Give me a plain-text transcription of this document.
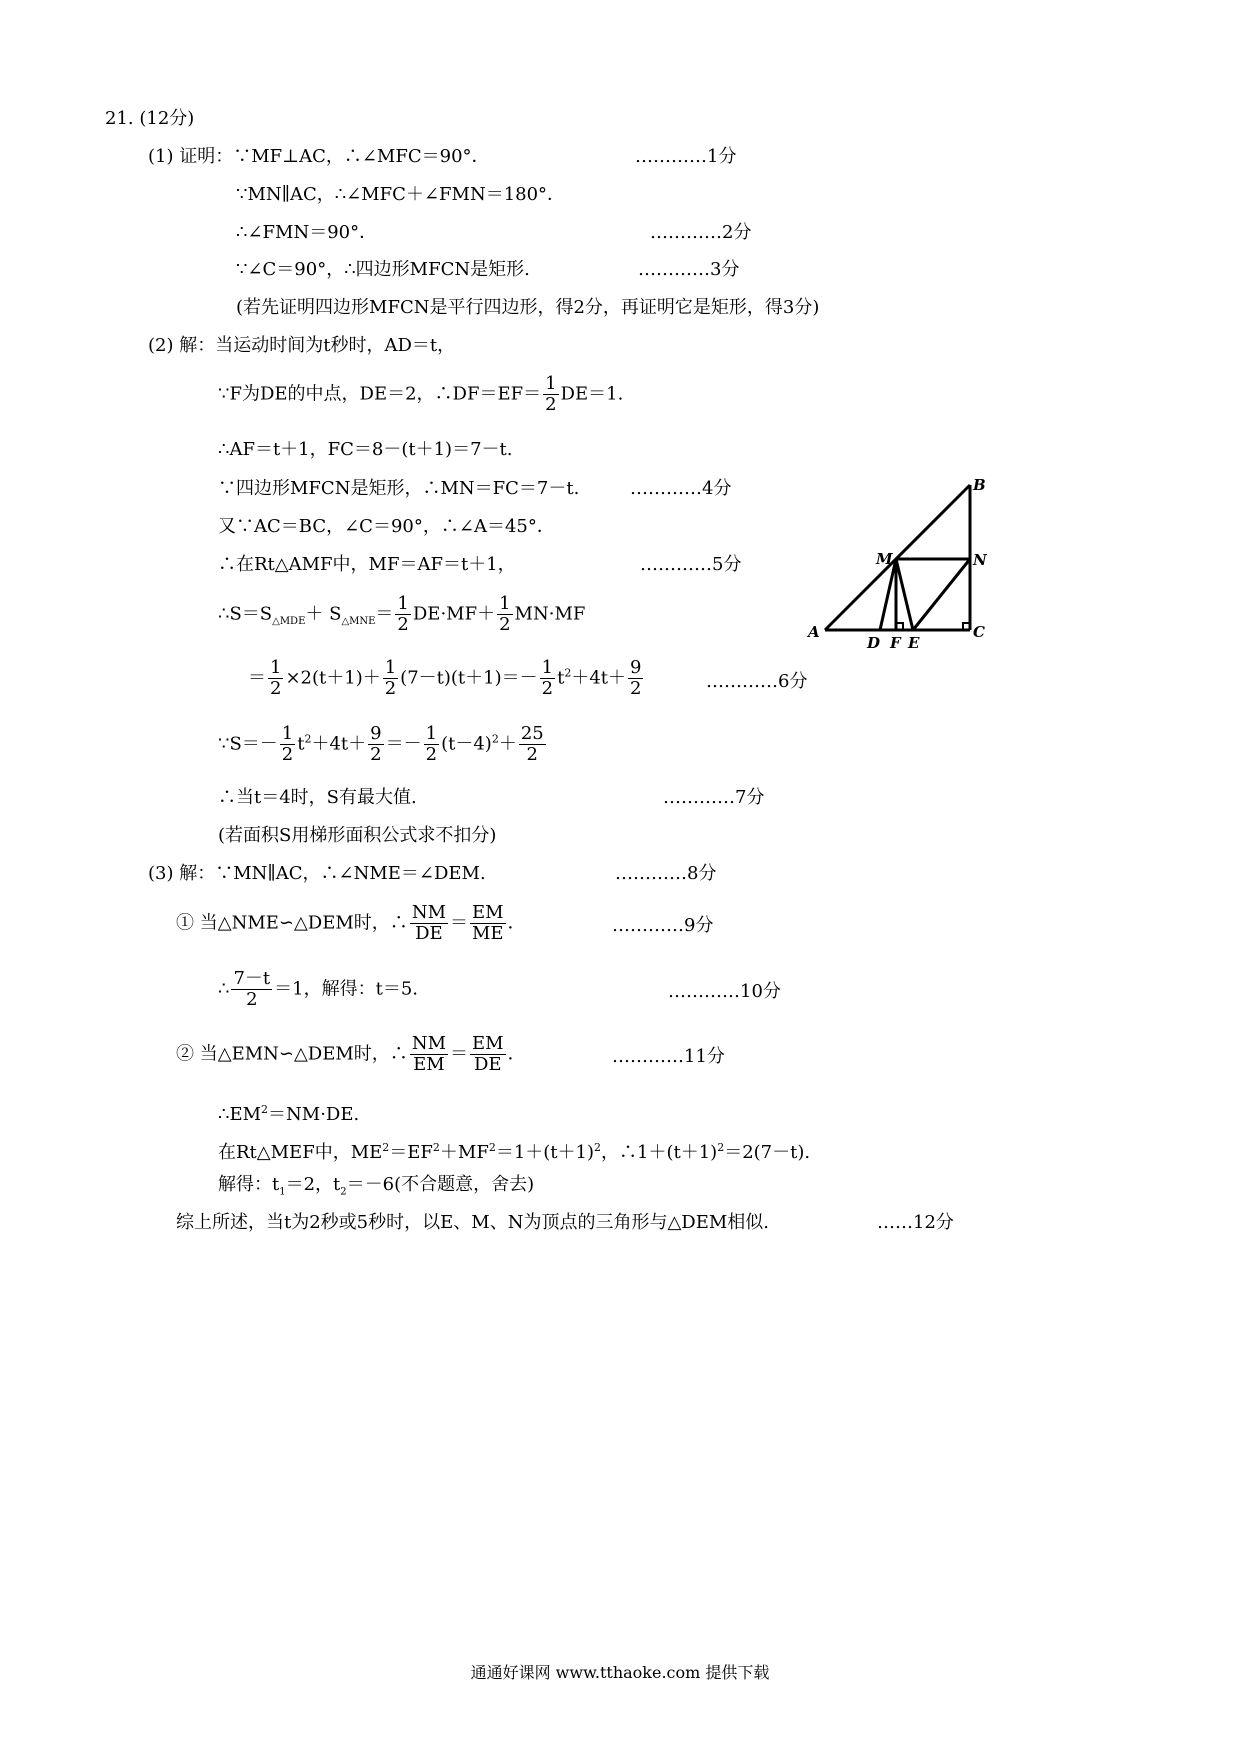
21. (12分)
(1) 证明：∵MF⊥AC，∴∠MFC＝90°．	…………1分
∵MN∥AC，∴∠MFC＋∠FMN＝180°．
∴∠FMN＝90°．	…………2分
∵∠C＝90°，∴四边形MFCN是矩形.	…………3分
(若先证明四边形MFCN是平行四边形，得2分，再证明它是矩形，得3分)
(2) 解：当运动时间为t秒时，AD＝t，
∵F为DE的中点，DE＝2，∴DF＝EF＝ $\frac{1}{2} DE=1$.
∴AF＝t＋1，FC＝8－(t＋1)＝7－t.
∵四边形MFCN是矩形，∴MN＝FC＝7－t.	…………4分
又∵AC＝BC，∠C＝90°，∴∠A＝45°．
∴在Rt△AMF中，MF＝AF＝t＋1，	…………5分
$\therefore S=S_{\triangle MDE}+ S_{\triangle MNE}= \frac{1}{2} DE\cdot MF+ \frac{1}{2} MN\cdot MF$
＝ $\frac{1}{2} \times 2(t+1)+ \frac{1}{2} (7-t)(t+1)=- \frac{1}{2} t^2+4t+ \frac{9}{2}$	…………6分
∵S＝－ $\frac{1}{2} t^2+4t+ \frac{9}{2} =- \frac{1}{2} (t-4)^2+ \frac{25}{2}$
∴当t＝4时，S有最大值.	…………7分
(若面积S用梯形面积公式求不扣分)
A
B
C
D F E
M	N
(3) 解：∵MN∥AC，∴∠NME＝∠DEM.	…………8分
① 当△NME∽△DEM时，∴ $\frac{NM}{DE} = \frac{EM}{ME}$ ．	…………9分
∴ $\frac{7-t}{2} =1$，解得：t＝5.	…………10分
② 当△EMN∽△DEM时，∴ $\frac{NM}{EM} = \frac{EM}{DE}$ ．	…………11分
$\therefore EM^2=NM\cdot DE$.
在Rt△MEF中，$ME^2=EF^2+MF^2=1+(t+1)^2$，$\therefore 1+(t+1)^2=2(7-t)$.
解得：$t_1=2$，$t_2=-6$(不合题意，舍去)
综上所述，当t为2秒或5秒时，以E、M、N为顶点的三角形与△DEM相似.	……12分
通通好课网 www.tthaoke.com 提供下载
